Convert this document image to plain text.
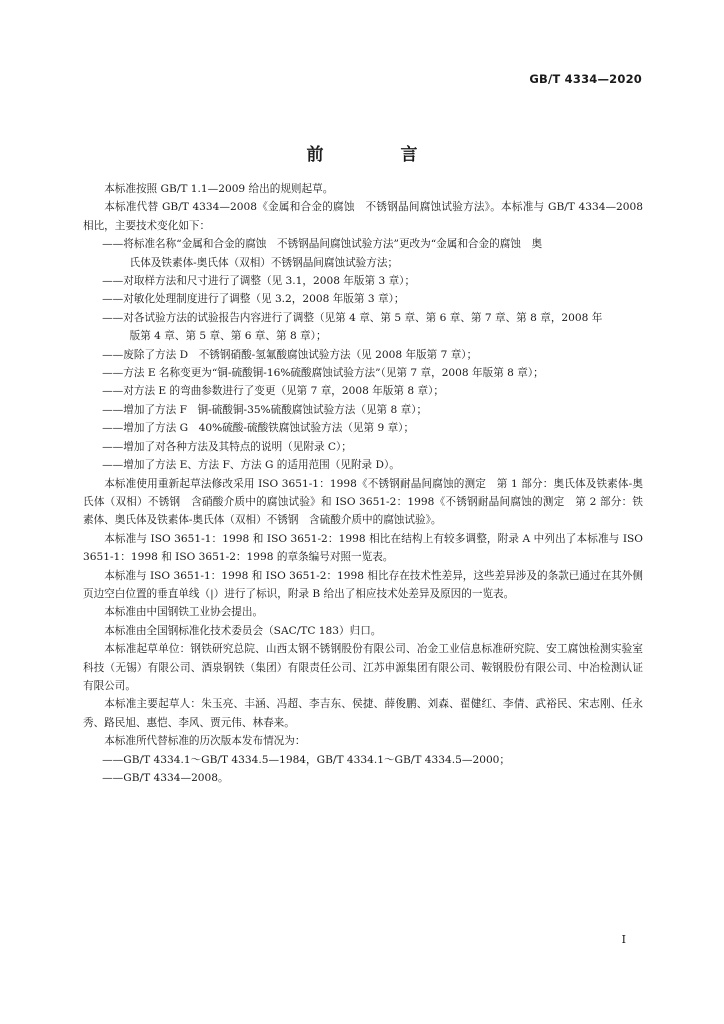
GB/T 4334—2020
前　言

本标准按照 GB/T 1.1—2009 给出的规则起草。

本标准代替 GB/T 4334—2008《金属和合金的腐蚀　不锈钢晶间腐蚀试验方法》。本标准与 GB/T 4334—2008 相比，主要技术变化如下：

——将标准名称“金属和合金的腐蚀　不锈钢晶间腐蚀试验方法”更改为“金属和合金的腐蚀　奥

氏体及铁素体-奥氏体（双相）不锈钢晶间腐蚀试验方法；

——对取样方法和尺寸进行了调整（见 3.1，2008 年版第 3 章）；

——对敏化处理制度进行了调整（见 3.2，2008 年版第 3 章）；

——对各试验方法的试验报告内容进行了调整（见第 4 章、第 5 章、第 6 章、第 7 章、第 8 章，2008 年

版第 4 章、第 5 章、第 6 章、第 8 章）；

——废除了方法 D　不锈钢硝酸-氢氟酸腐蚀试验方法（见 2008 年版第 7 章）；

——方法 E 名称变更为“铜-硫酸铜-16%硫酸腐蚀试验方法”（见第 7 章，2008 年版第 8 章）；

——对方法 E 的弯曲参数进行了变更（见第 7 章，2008 年版第 8 章）；

——增加了方法 F　铜-硫酸铜-35%硫酸腐蚀试验方法（见第 8 章）；

——增加了方法 G　40%硫酸-硫酸铁腐蚀试验方法（见第 9 章）；

——增加了对各种方法及其特点的说明（见附录 C）；

——增加了方法 E、方法 F、方法 G 的适用范围（见附录 D）。

本标准使用重新起草法修改采用 ISO 3651-1：1998《不锈钢耐晶间腐蚀的测定　第 1 部分：奥氏体及铁素体-奥氏体（双相）不锈钢　含硝酸介质中的腐蚀试验》和 ISO 3651-2：1998《不锈钢耐晶间腐蚀的测定　第 2 部分：铁素体、奥氏体及铁素体-奥氏体（双相）不锈钢　含硫酸介质中的腐蚀试验》。

本标准与 ISO 3651-1：1998 和 ISO 3651-2：1998 相比在结构上有较多调整，附录 A 中列出了本标准与 ISO 3651-1：1998 和 ISO 3651-2：1998 的章条编号对照一览表。

本标准与 ISO 3651-1：1998 和 ISO 3651-2：1998 相比存在技术性差异，这些差异涉及的条款已通过在其外侧页边空白位置的垂直单线（|）进行了标识，附录 B 给出了相应技术处差异及原因的一览表。

本标准由中国钢铁工业协会提出。

本标准由全国钢标准化技术委员会（SAC/TC 183）归口。

本标准起草单位：钢铁研究总院、山西太钢不锈钢股份有限公司、冶金工业信息标准研究院、安工腐蚀检测实验室科技（无锡）有限公司、酒泉钢铁（集团）有限责任公司、江苏申源集团有限公司、鞍钢股份有限公司、中冶检测认证有限公司。

本标准主要起草人：朱玉亮、丰涵、冯超、李吉东、侯捷、薛俊鹏、刘森、翟健红、李倩、武裕民、宋志刚、任永秀、路民旭、惠恺、李风、贾元伟、林春来。

本标准所代替标准的历次版本发布情况为：

——GB/T 4334.1～GB/T 4334.5—1984，GB/T 4334.1～GB/T 4334.5—2000；

——GB/T 4334—2008。

I
